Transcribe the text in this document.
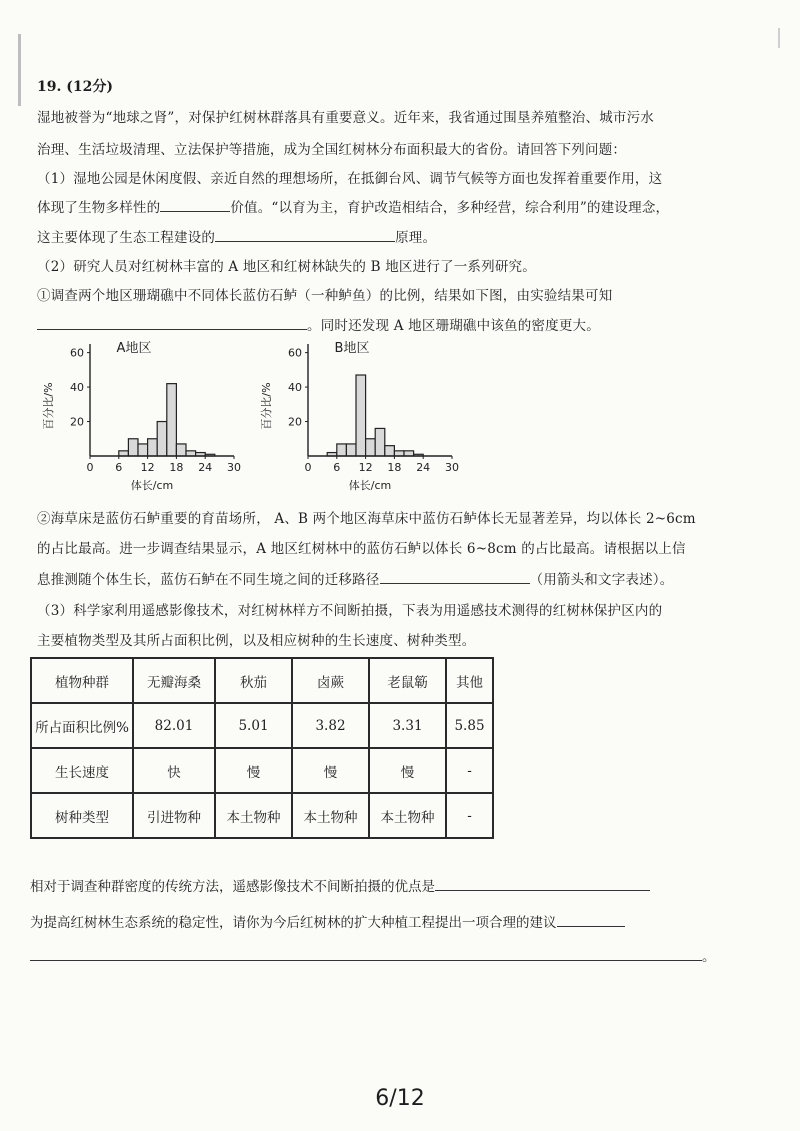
19. (12分)
湿地被誉为“地球之肾”，对保护红树林群落具有重要意义。近年来，我省通过围垦养殖整治、城市污水
治理、生活垃圾清理、立法保护等措施，成为全国红树林分布面积最大的省份。请回答下列问题：
（1）湿地公园是休闲度假、亲近自然的理想场所，在抵御台风、调节气候等方面也发挥着重要作用，这
体现了生物多样性的	价值。“以育为主，育护改造相结合，多种经营，综合利用”的建设理念，
这主要体现了生态工程建设的	原理。
（2）研究人员对红树林丰富的 A 地区和红树林缺失的 B 地区进行了一系列研究。
①调查两个地区珊瑚礁中不同体长蓝仿石鲈（一种鲈鱼）的比例，结果如下图，由实验结果可知
。同时还发现 A 地区珊瑚礁中该鱼的密度更大。
A地区
0 6 12 18 24 30
20
40
60
体长/cm
百分比/%
B地区
0 6 12 18 24 30
20
40
60
体长/cm
百分比/%
②海草床是蓝仿石鲈重要的育苗场所， A、B 两个地区海草床中蓝仿石鲈体长无显著差异，均以体长 2~6cm
的占比最高。进一步调查结果显示，A 地区红树林中的蓝仿石鲈以体长 6~8cm 的占比最高。请根据以上信
息推测随个体生长，蓝仿石鲈在不同生境之间的迁移路径	（用箭头和文字表述）。
（3）科学家利用遥感影像技术，对红树林样方不间断拍摄，下表为用遥感技术测得的红树林保护区内的
主要植物类型及其所占面积比例，以及相应树种的生长速度、树种类型。
植物种群	无瓣海桑	秋茄	卤蕨	老鼠簕	其他
所占面积比例%	82.01	5.01	3.82	3.31	5.85
生长速度	快	慢	慢	慢	-
树种类型	引进物种	本土物种	本土物种	本土物种	-
相对于调查种群密度的传统方法，遥感影像技术不间断拍摄的优点是
为提高红树林生态系统的稳定性，请你为今后红树林的扩大种植工程提出一项合理的建议
。
6/12
